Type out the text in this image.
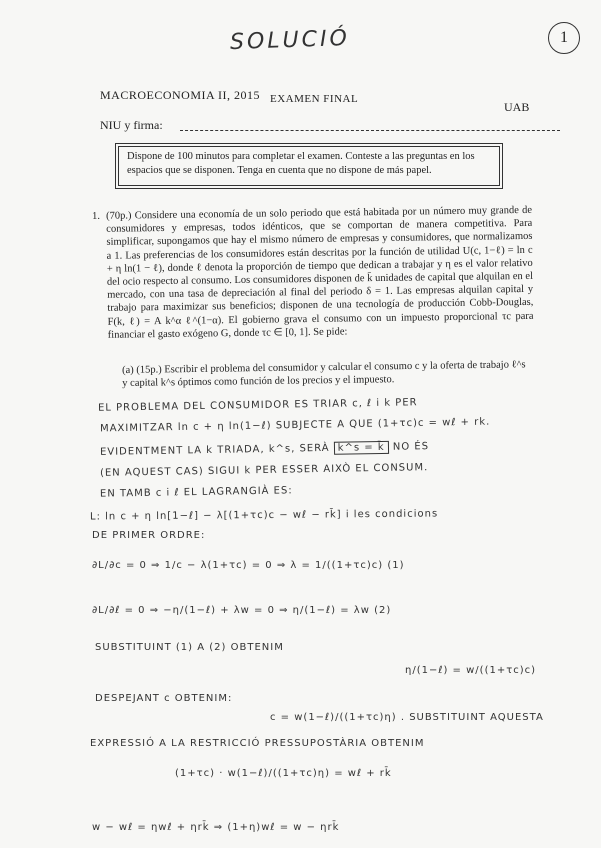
SOLUCIÓ	1
MACROECONOMIA II, 2015 EXAMEN FINAL
UAB
NIU y firma:
Dispone de 100 minutos para completar el examen. Conteste a las preguntas en los espacios que se disponen. Tenga en cuenta que no dispone de más papel.
1. (70p.) Considere una economía de un solo periodo que está habitada por un número muy grande de consumidores y empresas, todos idénticos, que se comportan de manera competitiva. Para simplificar, supongamos que hay el mismo número de empresas y consumidores, que normalizamos a 1. Las preferencias de los consumidores están descritas por la función de utilidad U(c, 1−ℓ) = ln c + η ln(1 − ℓ), donde ℓ denota la proporción de tiempo que dedican a trabajar y η es el valor relativo del ocio respecto al consumo. Los consumidores disponen de k̄ unidades de capital que alquilan en el mercado, con una tasa de depreciación al final del periodo δ = 1. Las empresas alquilan capital y trabajo para maximizar sus beneficios; disponen de una tecnología de producción Cobb-Douglas, F(k, ℓ) = A k^α ℓ^(1−α). El gobierno grava el consumo con un impuesto proporcional τc para financiar el gasto exógeno G, donde τc ∈ [0, 1]. Se pide:
(a) (15p.) Escribir el problema del consumidor y calcular el consumo c y la oferta de trabajo ℓ^s y capital k^s óptimos como función de los precios y el impuesto.
EL PROBLEMA DEL CONSUMIDOR ES TRIAR c, ℓ i k PER
MAXIMITZAR ln c + η ln(1−ℓ) SUBJECTE A QUE (1+τc)c = wℓ + rk.
EVIDENTMENT LA k TRIADA, k^s, SERÀ k^s = k̄ NO ÉS
(EN AQUEST CAS) SIGUI k PER ESSER AIXÒ EL CONSUM.
EN TAMB c i ℓ EL LAGRANGIÀ ES:
L: ln c + η ln[1−ℓ] − λ[(1+τc)c − wℓ − rk̄] i les condicions
DE PRIMER ORDRE:
∂L/∂c = 0 ⇒ 1/c − λ(1+τc) = 0 ⇒ λ = 1/((1+τc)c) (1)
∂L/∂ℓ = 0 ⇒ −η/(1−ℓ) + λw = 0 ⇒ η/(1−ℓ) = λw (2)
SUBSTITUINT (1) A (2) OBTENIM
η/(1−ℓ) = w/((1+τc)c)
DESPEJANT c OBTENIM:
c = w(1−ℓ)/((1+τc)η) . SUBSTITUINT AQUESTA
EXPRESSIÓ A LA RESTRICCIÓ PRESSUPOSTÀRIA OBTENIM
(1+τc) · w(1−ℓ)/((1+τc)η) = wℓ + rk̄
w − wℓ = ηwℓ + ηrk̄ ⇒ (1+η)wℓ = w − ηrk̄
